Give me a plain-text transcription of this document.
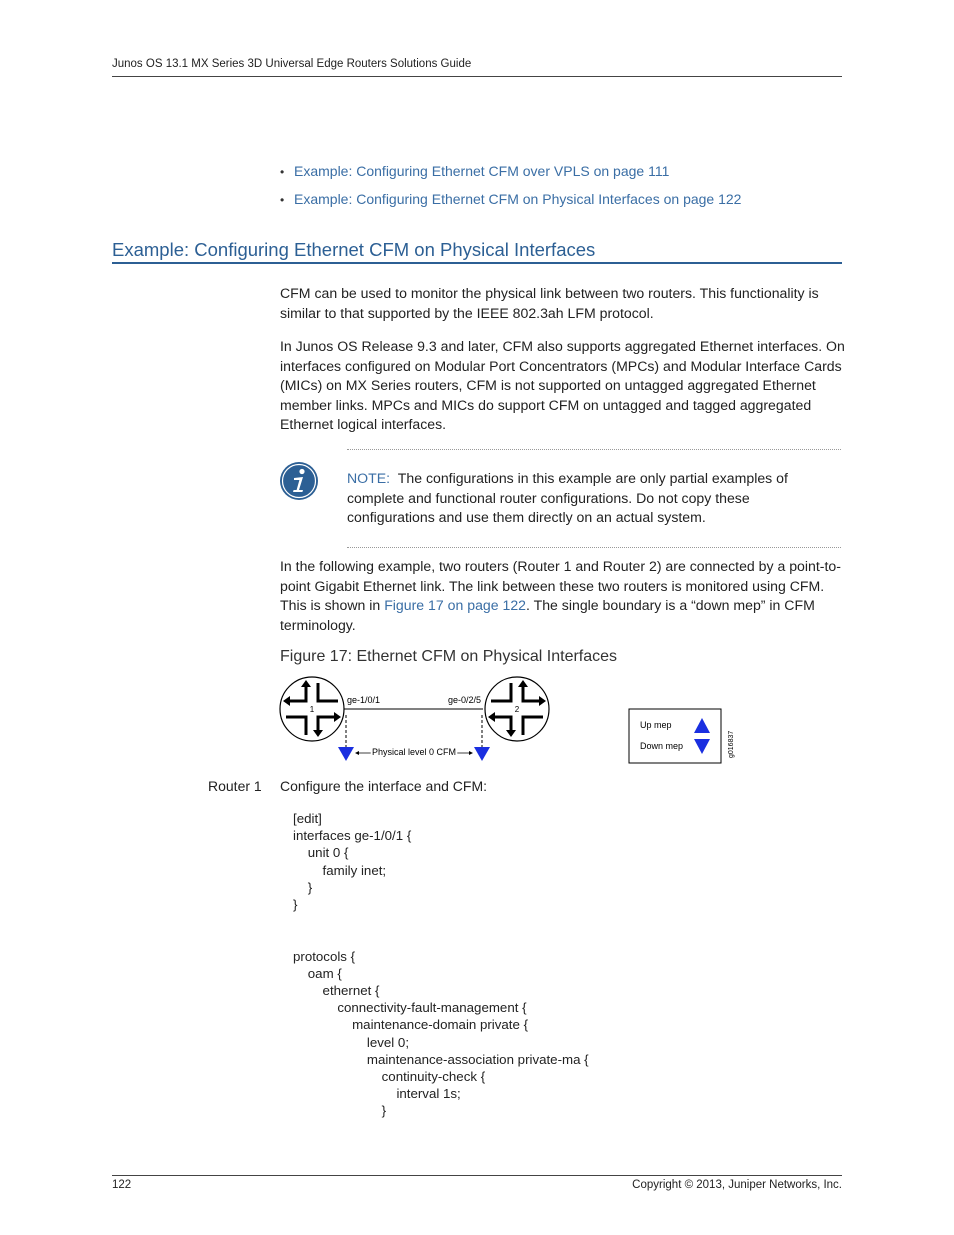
Junos OS 13.1 MX Series 3D Universal Edge Routers Solutions Guide
• Example: Configuring Ethernet CFM over VPLS on page 111
• Example: Configuring Ethernet CFM on Physical Interfaces on page 122
Example: Configuring Ethernet CFM on Physical Interfaces
CFM can be used to monitor the physical link between two routers. This functionality is similar to that supported by the IEEE 802.3ah LFM protocol.
In Junos OS Release 9.3 and later, CFM also supports aggregated Ethernet interfaces. On interfaces configured on Modular Port Concentrators (MPCs) and Modular Interface Cards (MICs) on MX Series routers, CFM is not supported on untagged aggregated Ethernet member links. MPCs and MICs do support CFM on untagged and tagged aggregated Ethernet logical interfaces.
NOTE: The configurations in this example are only partial examples of complete and functional router configurations. Do not copy these configurations and use them directly on an actual system.
In the following example, two routers (Router 1 and Router 2) are connected by a point-to-point Gigabit Ethernet link. The link between these two routers is monitored using CFM. This is shown in Figure 17 on page 122. The single boundary is a “down mep” in CFM terminology.
Figure 17: Ethernet CFM on Physical Interfaces
1	2
ge-1/0/1	ge-0/2/5
Physical level 0 CFM
Up mep
Down mep	g016837
Router 1 Configure the interface and CFM:
[edit]
interfaces ge-1/0/1 {
unit 0 {
family inet;
}
}

protocols {
oam {
ethernet {
connectivity-fault-management {
maintenance-domain private {
level 0;
maintenance-association private-ma {
continuity-check {
interval 1s;
}
122	Copyright © 2013, Juniper Networks, Inc.
